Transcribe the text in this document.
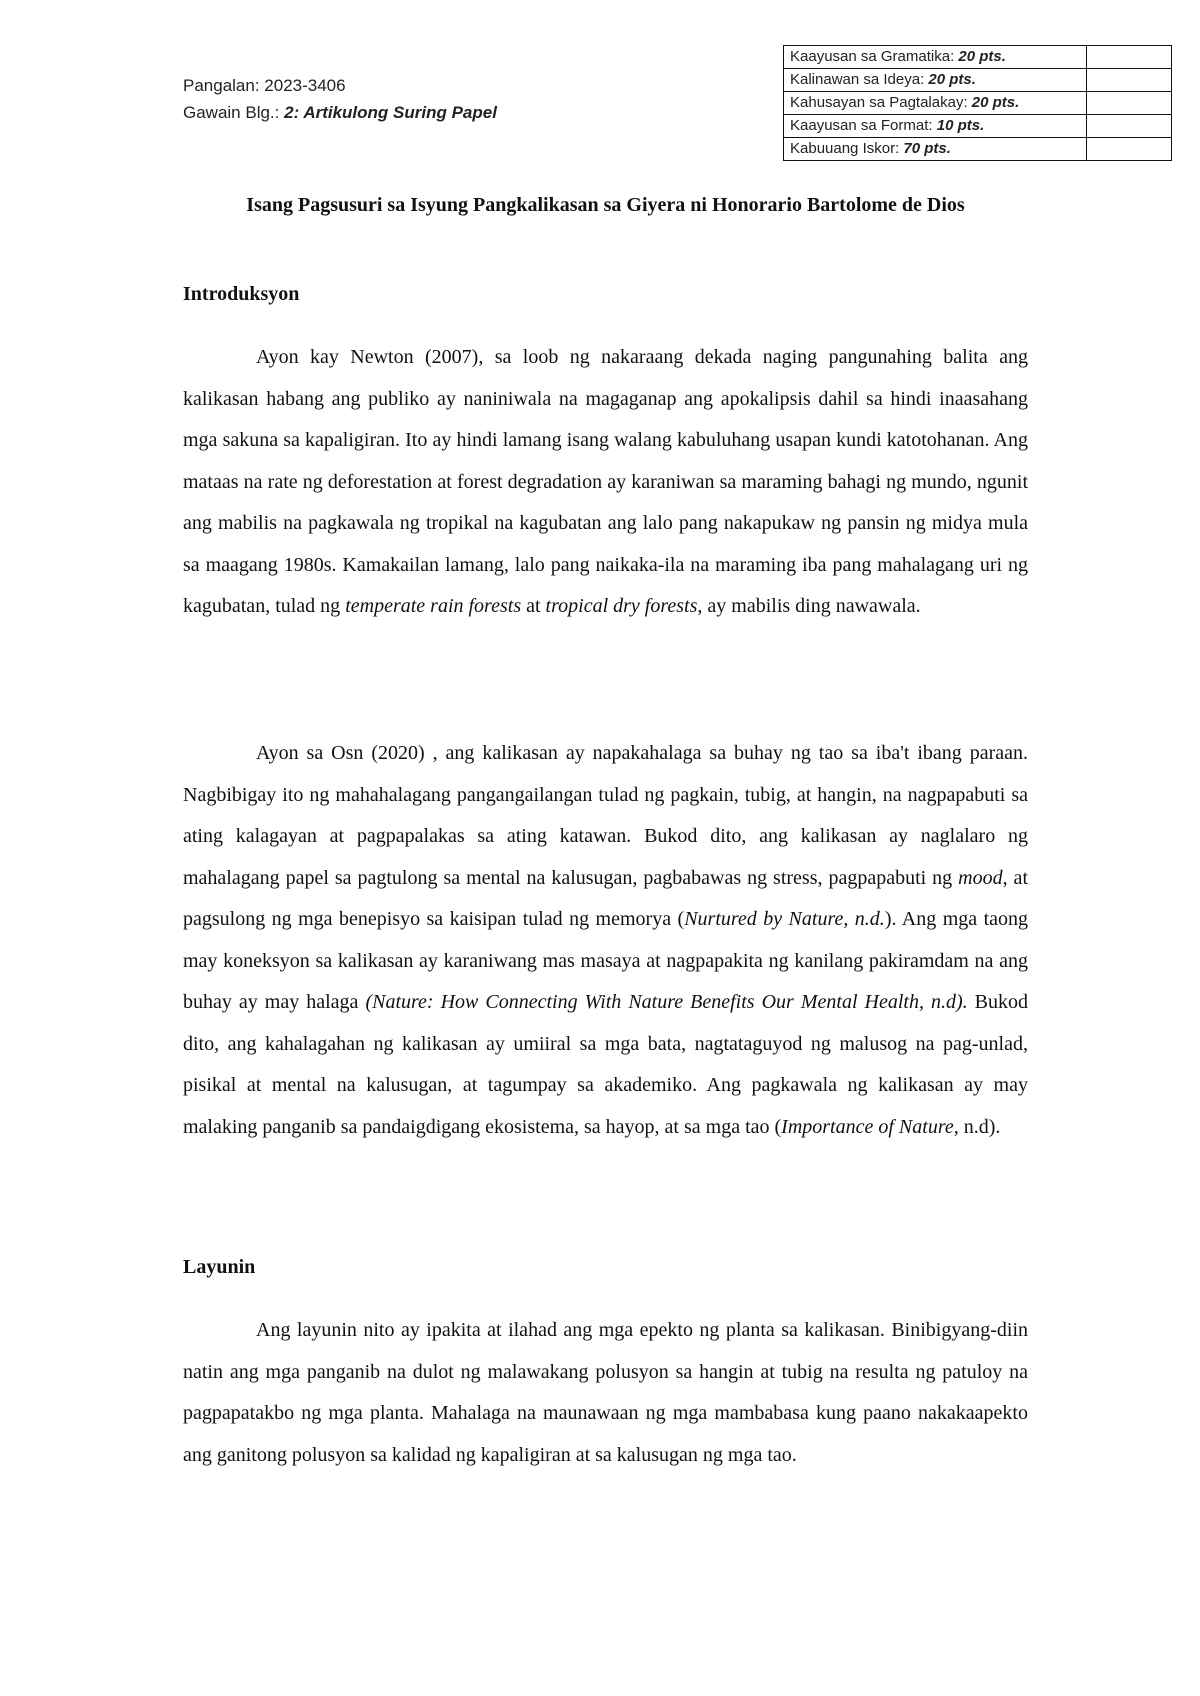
Pangalan: 2023-3406
Gawain Blg.: 2: Artikulong Suring Papel
Kaayusan sa Gramatika: 20 pts.	
Kalinawan sa Ideya: 20 pts.	
Kahusayan sa Pagtalakay: 20 pts.	
Kaayusan sa Format: 10 pts.	
Kabuuang Iskor: 70 pts.	
Isang Pagsusuri sa Isyung Pangkalikasan sa Giyera ni Honorario Bartolome de Dios
Introduksyon
Ayon kay Newton (2007), sa loob ng nakaraang dekada naging pangunahing balita ang kalikasan habang ang publiko ay naniniwala na magaganap ang apokalipsis dahil sa hindi inaasahang mga sakuna sa kapaligiran. Ito ay hindi lamang isang walang kabuluhang usapan kundi katotohanan. Ang mataas na rate ng deforestation at forest degradation ay karaniwan sa maraming bahagi ng mundo, ngunit ang mabilis na pagkawala ng tropikal na kagubatan ang lalo pang nakapukaw ng pansin ng midya mula sa maagang 1980s. Kamakailan lamang, lalo pang naikaka-ila na maraming iba pang mahalagang uri ng kagubatan, tulad ng temperate rain forests at tropical dry forests, ay mabilis ding nawawala.
Ayon sa Osn (2020) , ang kalikasan ay napakahalaga sa buhay ng tao sa iba't ibang paraan. Nagbibigay ito ng mahahalagang pangangailangan tulad ng pagkain, tubig, at hangin, na nagpapabuti sa ating kalagayan at pagpapalakas sa ating katawan. Bukod dito, ang kalikasan ay naglalaro ng mahalagang papel sa pagtulong sa mental na kalusugan, pagbabawas ng stress, pagpapabuti ng mood, at pagsulong ng mga benepisyo sa kaisipan tulad ng memorya (Nurtured by Nature, n.d.). Ang mga taong may koneksyon sa kalikasan ay karaniwang mas masaya at nagpapakita ng kanilang pakiramdam na ang buhay ay may halaga (Nature: How Connecting With Nature Benefits Our Mental Health, n.d). Bukod dito, ang kahalagahan ng kalikasan ay umiiral sa mga bata, nagtataguyod ng malusog na pag-unlad, pisikal at mental na kalusugan, at tagumpay sa akademiko. Ang pagkawala ng kalikasan ay may malaking panganib sa pandaigdigang ekosistema, sa hayop, at sa mga tao (Importance of Nature, n.d).
Layunin
Ang layunin nito ay ipakita at ilahad ang mga epekto ng planta sa kalikasan. Binibigyang-diin natin ang mga panganib na dulot ng malawakang polusyon sa hangin at tubig na resulta ng patuloy na pagpapatakbo ng mga planta. Mahalaga na maunawaan ng mga mambabasa kung paano nakakaapekto ang ganitong polusyon sa kalidad ng kapaligiran at sa kalusugan ng mga tao.
